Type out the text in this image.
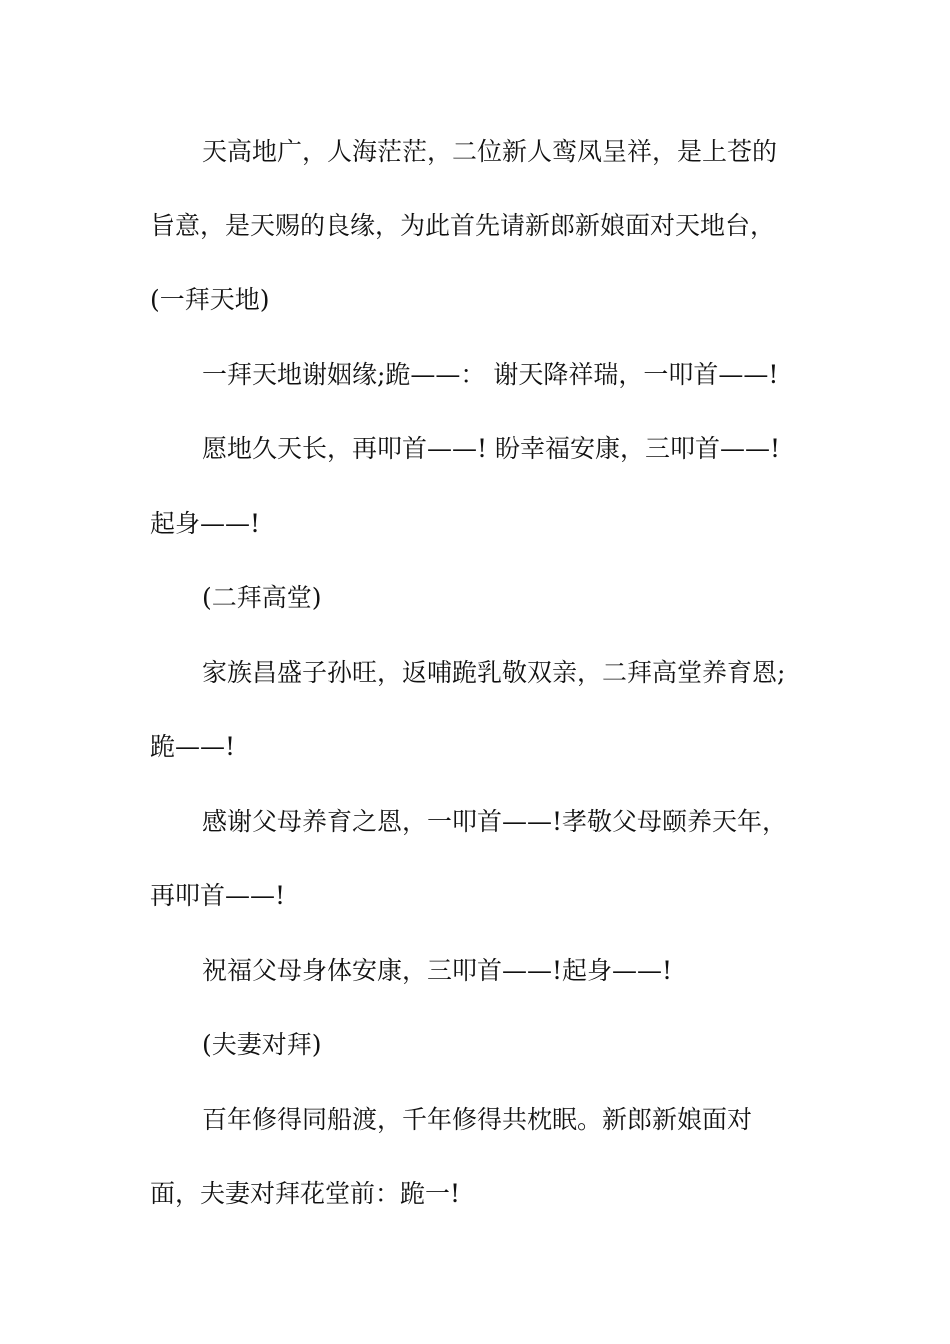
天高地广，人海茫茫，二位新人鸾凤呈祥，是上苍的
旨意，是天赐的良缘，为此首先请新郎新娘面对天地台，
(一拜天地)
一拜天地谢姻缘;跪——： 谢天降祥瑞，一叩首——!
愿地久天长，再叩首——! 盼幸福安康，三叩首——!
起身——!
(二拜高堂)
家族昌盛子孙旺，返哺跪乳敬双亲，二拜高堂养育恩;
跪——!
感谢父母养育之恩，一叩首——!孝敬父母颐养天年，
再叩首——!
祝福父母身体安康，三叩首——!起身——!
(夫妻对拜)
百年修得同船渡，千年修得共枕眠。新郎新娘面对
面，夫妻对拜花堂前：跪一!
